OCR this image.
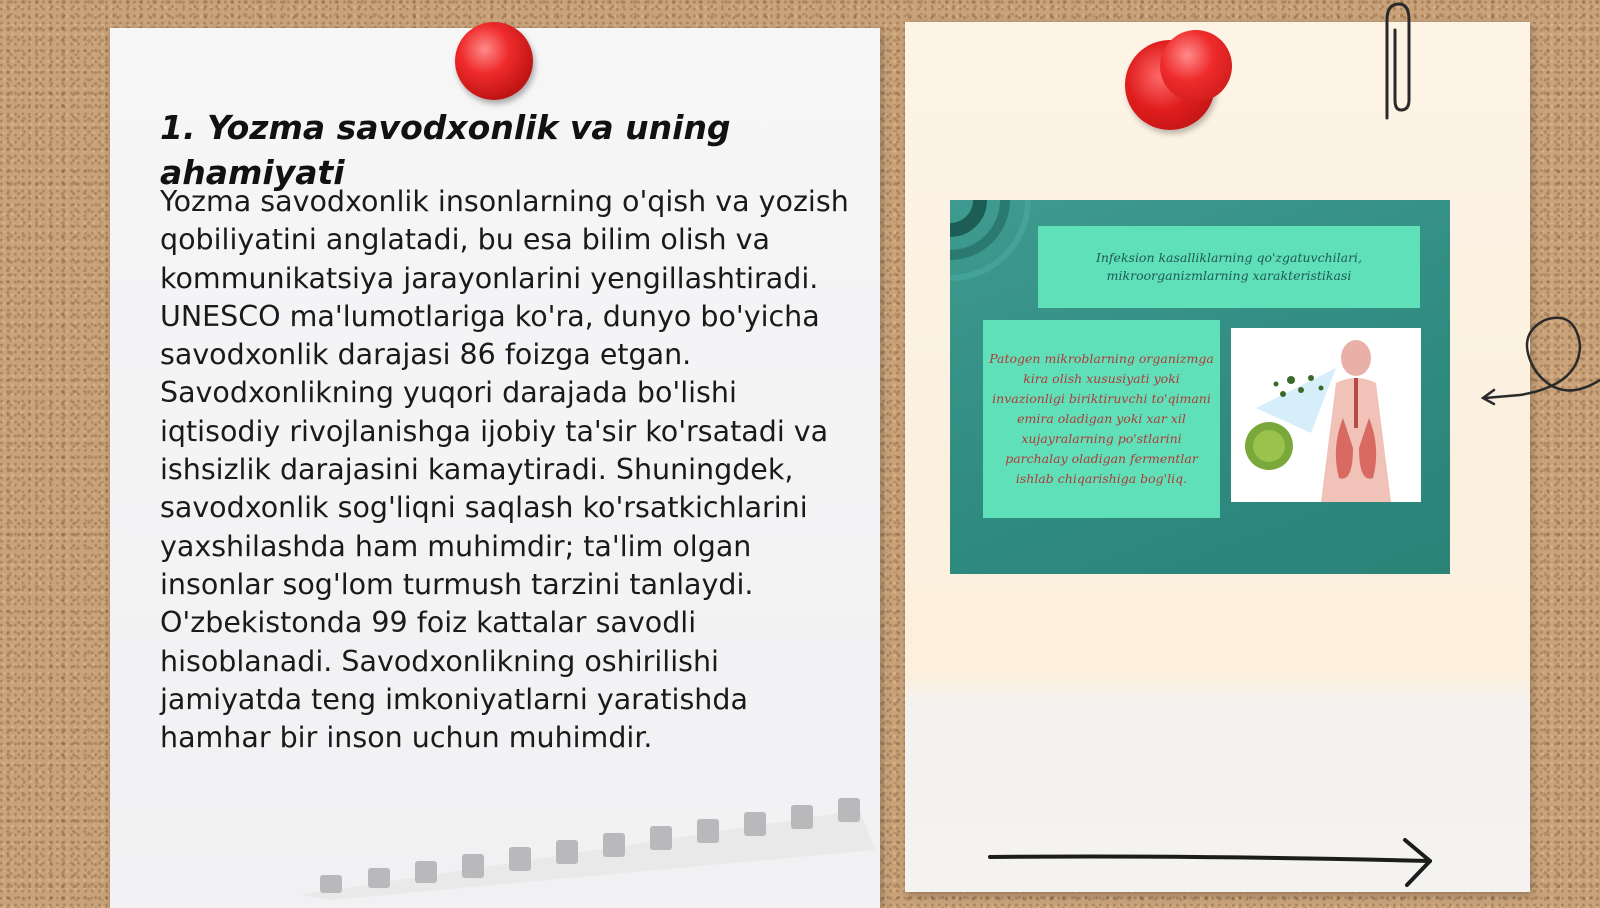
1. Yozma savodxonlik va uning ahamiyati

Yozma savodxonlik insonlarning o'qish va yozish qobiliyatini anglatadi, bu esa bilim olish va kommunikatsiya jarayonlarini yengillashtiradi. UNESCO ma'lumotlariga ko'ra, dunyo bo'yicha savodxonlik darajasi 86 foizga etgan. Savodxonlikning yuqori darajada bo'lishi iqtisodiy rivojlanishga ijobiy ta'sir ko'rsatadi va ishsizlik darajasini kamaytiradi. Shuningdek, savodxonlik sog'liqni saqlash ko'rsatkichlarini yaxshilashda ham muhimdir; ta'lim olgan insonlar sog'lom turmush tarzini tanlaydi. O'zbekistonda 99 foiz kattalar savodli hisoblanadi. Savodxonlikning oshirilishi jamiyatda teng imkoniyatlarni yaratishda hamhar bir inson uchun muhimdir.

Infeksion kasalliklarning qo'zgatuvchilari, mikroorganizmlarning xarakteristikasi
Patogen mikroblarning organizmga kira olish xususiyati yoki invazionligi biriktiruvchi to'qimani emira oladigan yoki xar xil xujayralarning po'stlarini parchalay oladigan fermentlar ishlab chiqarishiga bog'liq.
